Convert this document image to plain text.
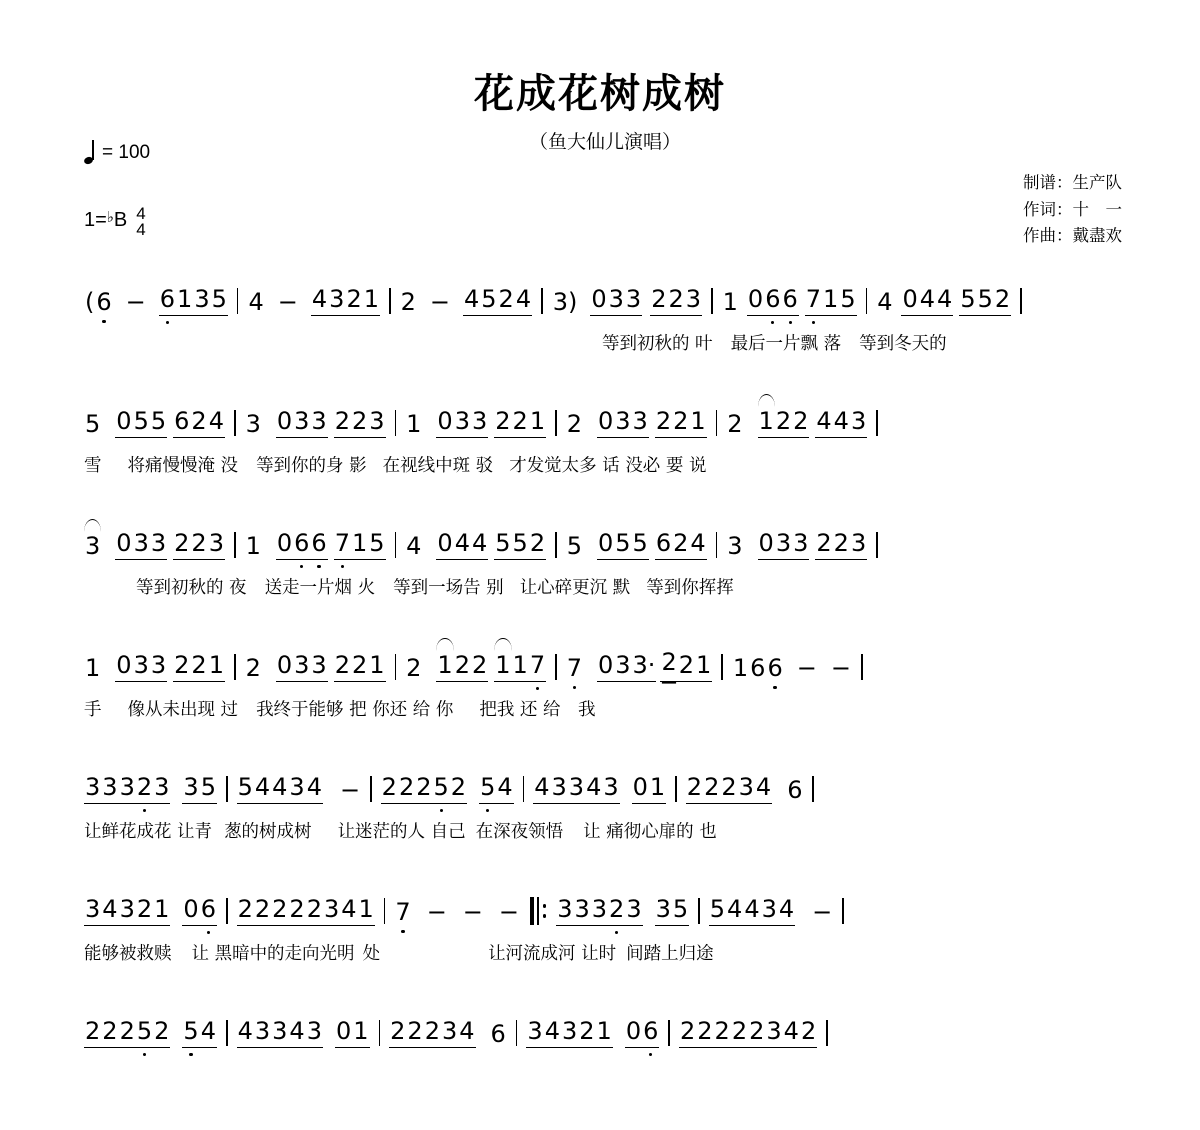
花成花树成树
（鱼大仙儿演唱）
= 100
1= ♭ B 4
4
制谱：生产队
作词：十　一
作曲：戴盡欢
( 6 − 6 1 3 5 4 − 4 3 2 1 2 − 4 5 2 4 3) 0 3 3 2 2 3 1 0 6 6 7 1 5 4 0 4 4 5 5 2
等到初秋的 叶 最后一片飘 落 等到冬天的
5 0 5 5 6 2 4 3 0 3 3 2 2 3 1 0 3 3 2 2 1 2 0 3 3 2 2 1 2 1 2 2 4 4 3
雪 将痛慢慢淹 没 等到你的身 影 在视线中斑 驳 才发觉太多 话 没必 要 说
3 0 3 3 2 2 3 1 0 6 6 7 1 5 4 0 4 4 5 5 2 5 0 5 5 6 2 4 3 0 3 3 2 2 3
等到初秋的 夜 送走一片烟 火 等到一场告 别 让心碎更沉 默 等到你挥挥
1 0 3 3 2 2 1 2 0 3 3 2 2 1 2 1 2 2 1 1 7 7 0 3 3· 2 2 1 1 6 6 − −
手 像从未出现 过 我终于能够 把 你还 给 你 把我 还 给　我
3 3 3 2 3 3 5 5 4 4 3 4 − 2 2 2 5 2 5 4 4 3 3 4 3 0 1 2 2 2 3 4 6
让鲜花成花 让青 葱的树成树 让迷茫的人 自己 在深夜领悟 让 痛彻心扉的 也
3 4 3 2 1 0 6 2 2 2 2 2 3 4 1 7 − − − 3 3 3 2 3 3 5 5 4 4 3 4 −
能够被救赎 让 黑暗中的走向光明 处	让河流成河 让时 间踏上归途
2 2 2 5 2 5 4 4 3 3 4 3 0 1 2 2 2 3 4 6 3 4 3 2 1 0 6 2 2 2 2 2 3 4 2
